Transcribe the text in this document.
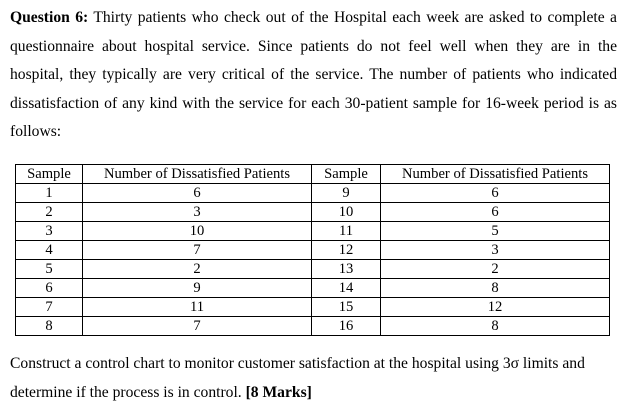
Question 6: Thirty patients who check out of the Hospital each week are asked to complete a questionnaire about hospital service. Since patients do not feel well when they are in the hospital, they typically are very critical of the service. The number of patients who indicated dissatisfaction of any kind with the service for each 30-patient sample for 16-week period is as follows:
Sample	Number of Dissatisfied Patients	Sample	Number of Dissatisfied Patients
1	6	9	6
2	3	10	6
3	10	11	5
4	7	12	3
5	2	13	2
6	9	14	8
7	11	15	12
8	7	16	8
Construct a control chart to monitor customer satisfaction at the hospital using 3σ limits and determine if the process is in control. [8 Marks]
